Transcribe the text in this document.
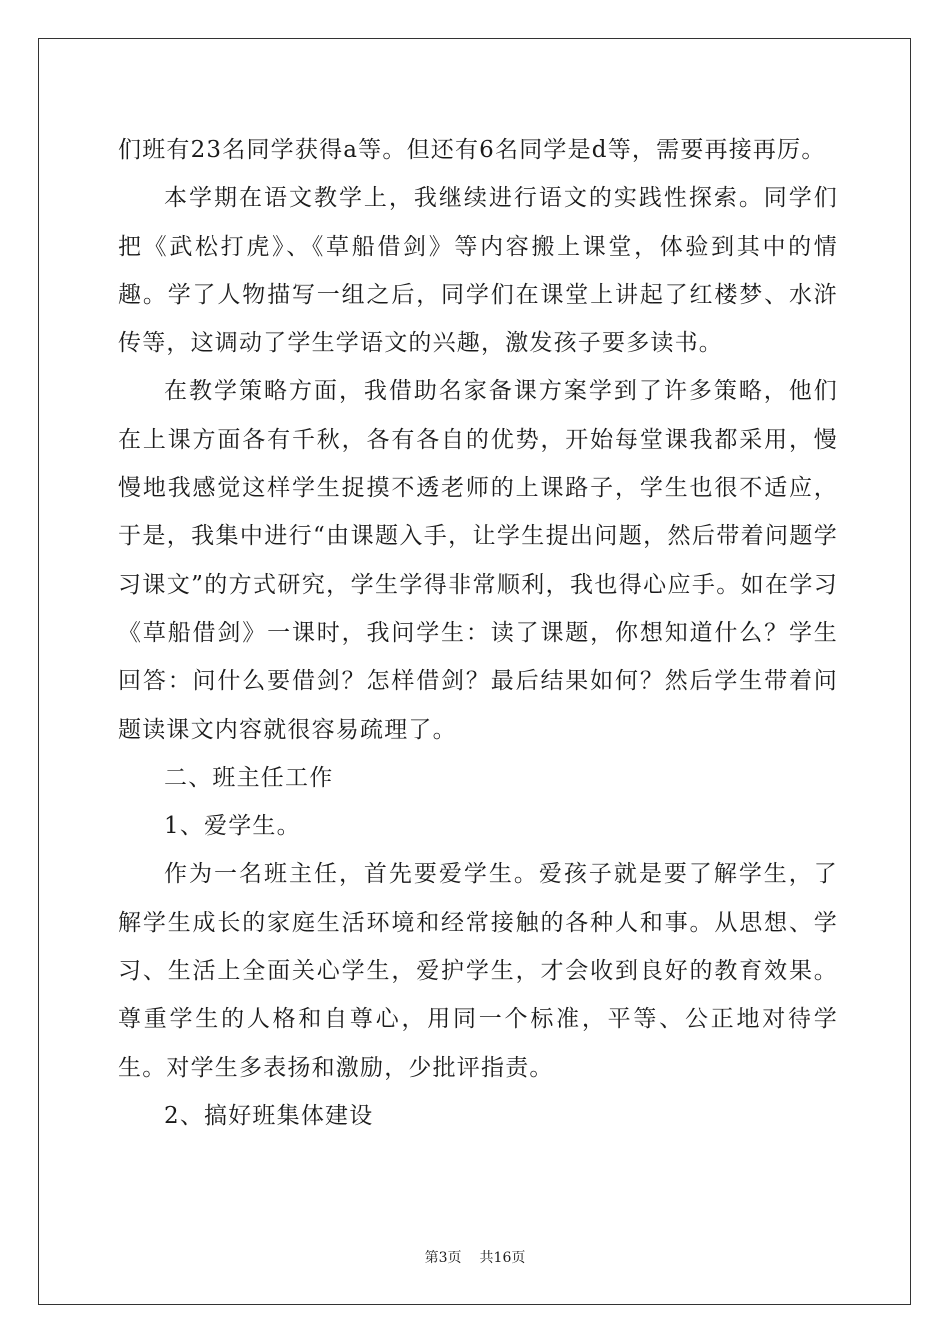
们班有23名同学获得a等。但还有6名同学是d等，需要再接再厉。

本学期在语文教学上，我继续进行语文的实践性探索。同学们把《武松打虎》、《草船借剑》等内容搬上课堂，体验到其中的情趣。学了人物描写一组之后，同学们在课堂上讲起了红楼梦、水浒传等，这调动了学生学语文的兴趣，激发孩子要多读书。

在教学策略方面，我借助名家备课方案学到了许多策略，他们在上课方面各有千秋，各有各自的优势，开始每堂课我都采用，慢慢地我感觉这样学生捉摸不透老师的上课路子，学生也很不适应，于是，我集中进行“由课题入手，让学生提出问题，然后带着问题学习课文”的方式研究，学生学得非常顺利，我也得心应手。如在学习《草船借剑》一课时，我问学生：读了课题，你想知道什么？学生回答：问什么要借剑？怎样借剑？最后结果如何？然后学生带着问题读课文内容就很容易疏理了。

二、班主任工作

1、爱学生。

作为一名班主任，首先要爱学生。爱孩子就是要了解学生，了解学生成长的家庭生活环境和经常接触的各种人和事。从思想、学习、生活上全面关心学生，爱护学生，才会收到良好的教育效果。尊重学生的人格和自尊心，用同一个标准，平等、公正地对待学生。对学生多表扬和激励，少批评指责。

2、搞好班集体建设

第3页 共16页
